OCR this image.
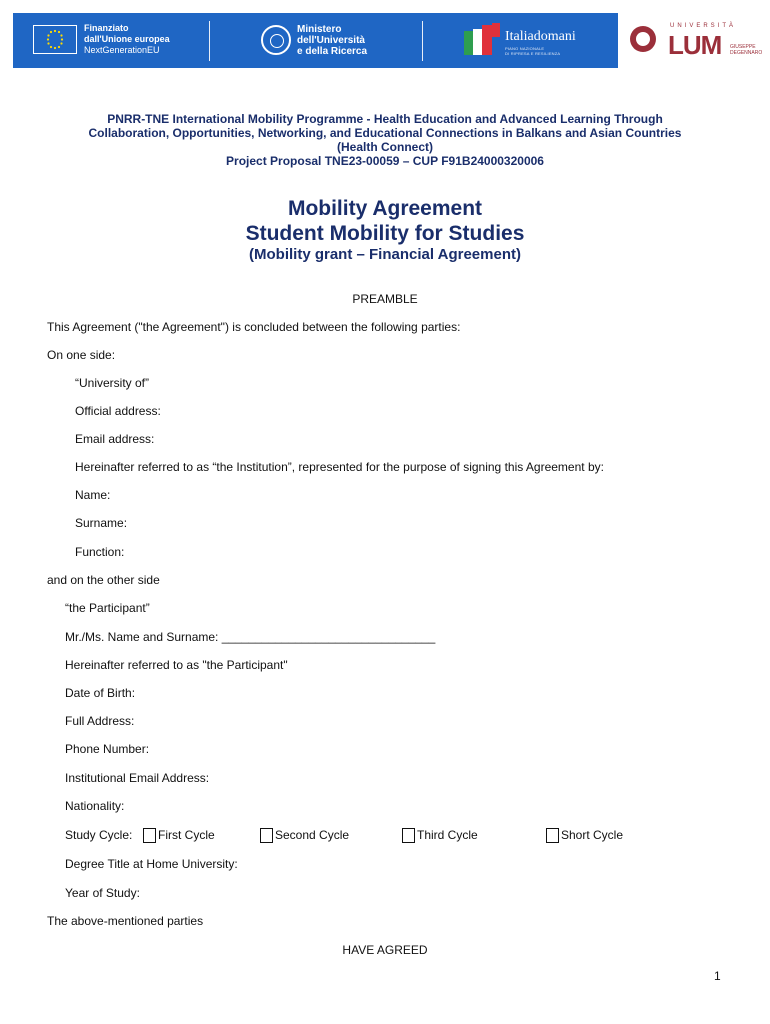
Finanziato
dall'Unione europea
NextGenerationEU
Ministero
dell'Università
e della Ricerca
Italiadomani
PIANO NAZIONALE
DI RIPRESA E RESILIENZA
UNIVERSITÀ
LUM GIUSEPPE
DEGENNARO
PNRR-TNE International Mobility Programme - Health Education and Advanced Learning Through
Collaboration, Opportunities, Networking, and Educational Connections in Balkans and Asian Countries
(Health Connect)
Project Proposal TNE23-00059 – CUP F91B24000320006
Mobility Agreement
Student Mobility for Studies
(Mobility grant – Financial Agreement)
PREAMBLE
This Agreement ("the Agreement") is concluded between the following parties:
On one side:
“University of”
Official address:
Email address:
Hereinafter referred to as “the Institution”, represented for the purpose of signing this Agreement by:
Name:
Surname:
Function:
and on the other side
“the Participant”
Mr./Ms. Name and Surname: ________________________________
Hereinafter referred to as "the Participant"
Date of Birth:
Full Address:
Phone Number:
Institutional Email Address:
Nationality:
Study Cycle: First Cycle	Second Cycle	Third Cycle	Short Cycle
Degree Title at Home University:
Year of Study:
The above-mentioned parties
HAVE AGREED
1
